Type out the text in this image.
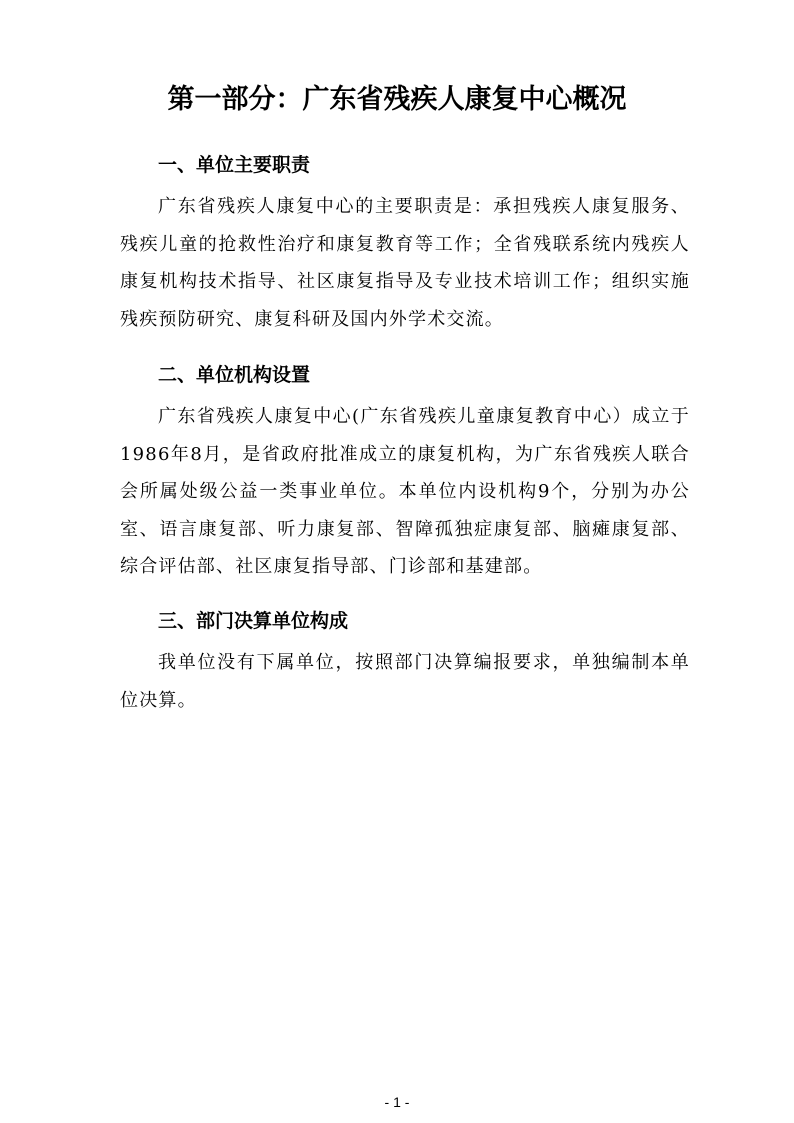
第一部分：广东省残疾人康复中心概况
一、单位主要职责

广东省残疾人康复中心的主要职责是：承担残疾人康复服务、残疾儿童的抢救性治疗和康复教育等工作；全省残联系统内残疾人康复机构技术指导、社区康复指导及专业技术培训工作；组织实施残疾预防研究、康复科研及国内外学术交流。

二、单位机构设置

广东省残疾人康复中心(广东省残疾儿童康复教育中心）成立于1986年8月，是省政府批准成立的康复机构，为广东省残疾人联合会所属处级公益一类事业单位。本单位内设机构9个，分别为办公室、语言康复部、听力康复部、智障孤独症康复部、脑瘫康复部、综合评估部、社区康复指导部、门诊部和基建部。

三、部门决算单位构成

我单位没有下属单位，按照部门决算编报要求，单独编制本单位决算。

- 1 -
